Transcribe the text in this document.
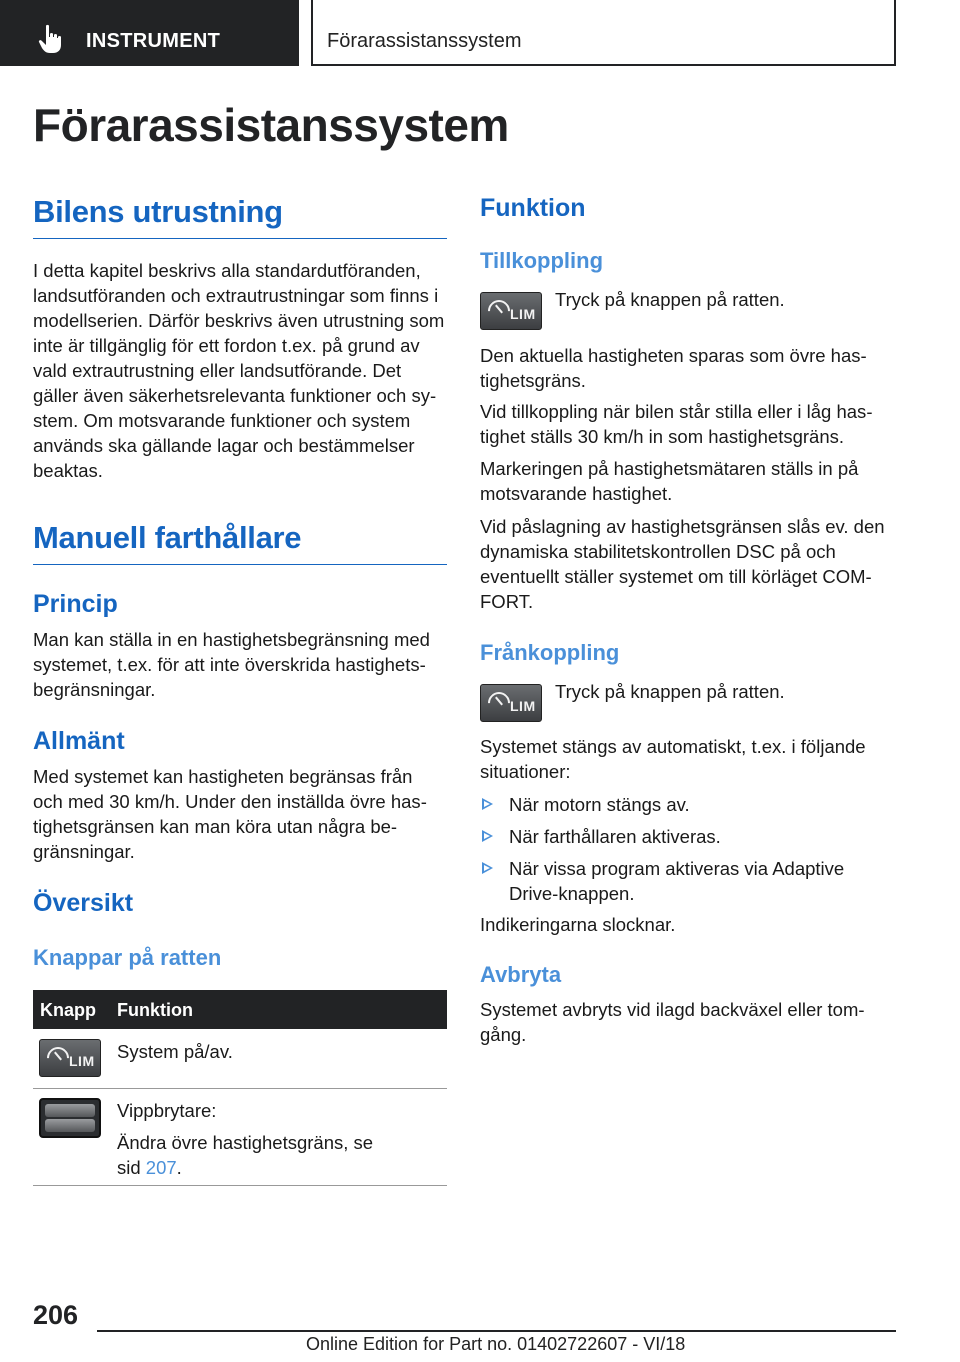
INSTRUMENT	Förarassistanssystem
Förarassistanssystem
Bilens utrustning
I detta kapitel beskrivs alla standardutföranden, landsutföranden och extrautrustningar som finns i modellserien. Därför beskrivs även utrustning som inte är tillgänglig för ett fordon t.ex. på grund av vald extrautrustning eller landsutförande. Det gäller även säkerhetsrelevanta funktioner och system. Om motsvarande funktioner och system används ska gällande lagar och bestämmelser beaktas.
Manuell farthållare
Princip
Man kan ställa in en hastighetsbegränsning med systemet, t.ex. för att inte överskrida hastighetsbegränsningar.
Allmänt
Med systemet kan hastigheten begränsas från och med 30 km/h. Under den inställda övre hastighetsgränsen kan man köra utan några begränsningar.
Översikt
Knappar på ratten
Knapp Funktion
LIM System på/av.
Vippbrytare:
Ändra övre hastighetsgräns, se
sid 207.
Funktion
Tillkoppling
LIM
Tryck på knappen på ratten.
Den aktuella hastigheten sparas som övre hastighetsgräns.
Vid tillkoppling när bilen står stilla eller i låg hastighet ställs 30 km/h in som hastighetsgräns.
Markeringen på hastighetsmätaren ställs in på motsvarande hastighet.
Vid påslagning av hastighetsgränsen slås ev. den dynamiska stabilitetskontrollen DSC på och eventuellt ställer systemet om till körläget COMFORT.
Frånkoppling
LIM
Tryck på knappen på ratten.
Systemet stängs av automatiskt, t.ex. i följande situationer:
När motorn stängs av.
När farthållaren aktiveras.
När vissa program aktiveras via Adaptive Drive-knappen.
Indikeringarna slocknar.
Avbryta
Systemet avbryts vid ilagd backväxel eller tomgång.
206
Online Edition for Part no. 01402722607 - VI/18
